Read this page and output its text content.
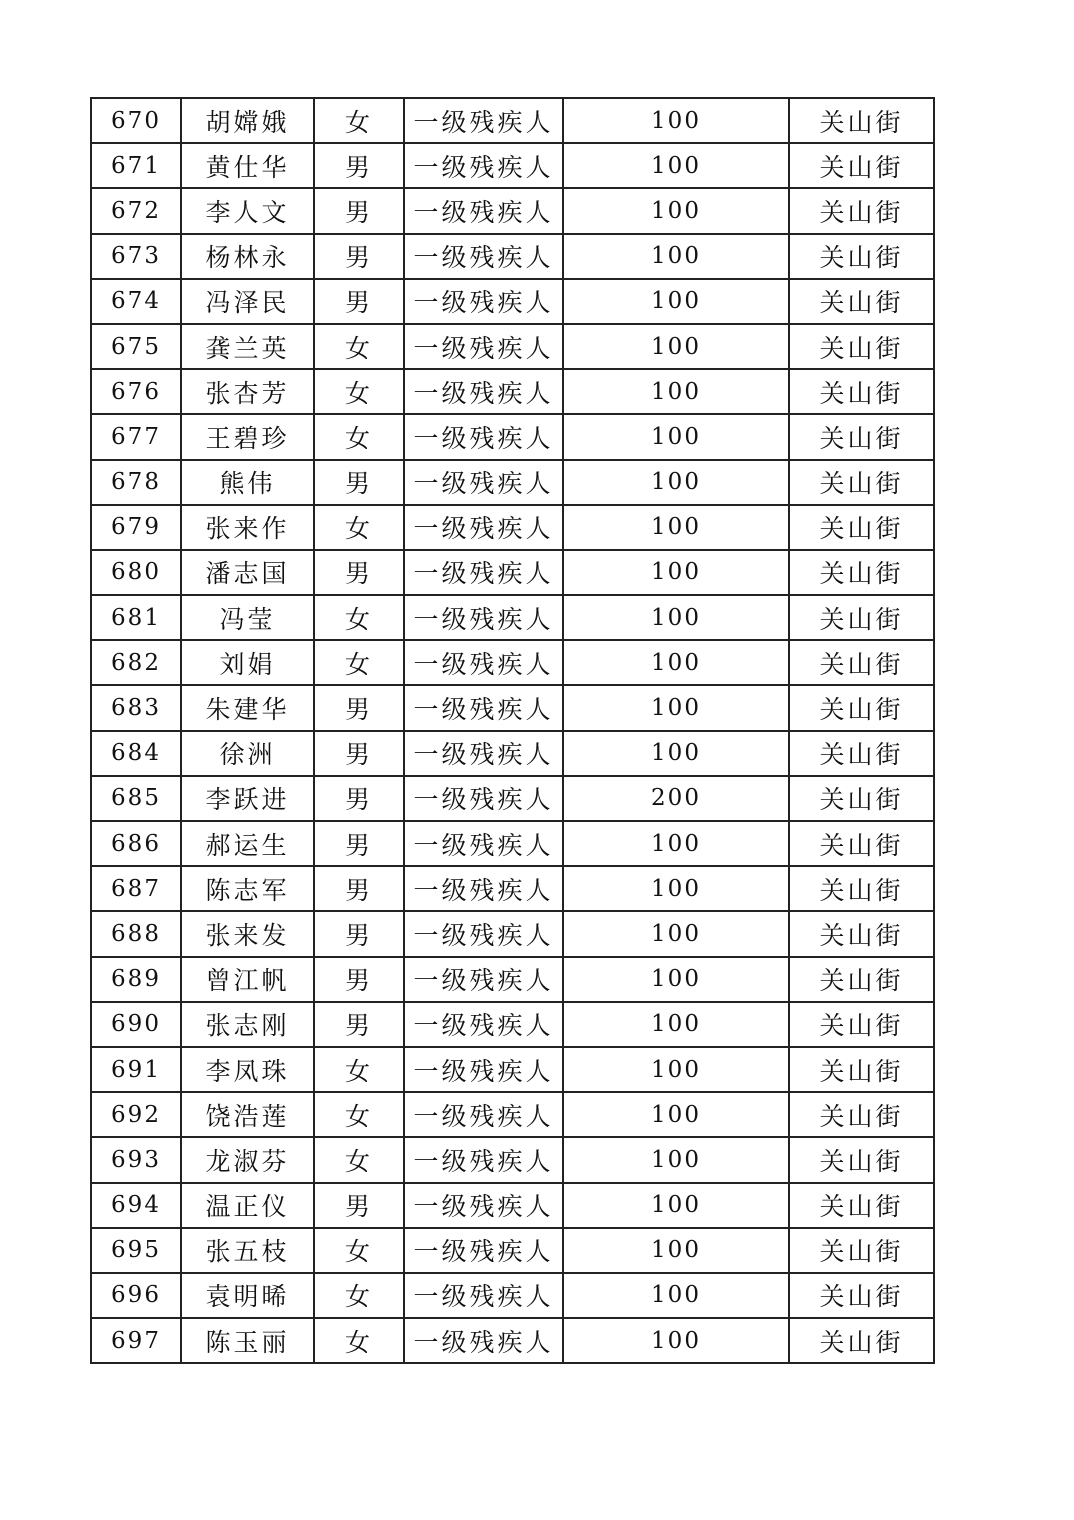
670	胡嫦娥	女	一级残疾人	100	关山街
671	黄仕华	男	一级残疾人	100	关山街
672	李人文	男	一级残疾人	100	关山街
673	杨林永	男	一级残疾人	100	关山街
674	冯泽民	男	一级残疾人	100	关山街
675	龚兰英	女	一级残疾人	100	关山街
676	张杏芳	女	一级残疾人	100	关山街
677	王碧珍	女	一级残疾人	100	关山街
678	熊伟	男	一级残疾人	100	关山街
679	张来作	女	一级残疾人	100	关山街
680	潘志国	男	一级残疾人	100	关山街
681	冯莹	女	一级残疾人	100	关山街
682	刘娟	女	一级残疾人	100	关山街
683	朱建华	男	一级残疾人	100	关山街
684	徐洲	男	一级残疾人	100	关山街
685	李跃进	男	一级残疾人	200	关山街
686	郝运生	男	一级残疾人	100	关山街
687	陈志军	男	一级残疾人	100	关山街
688	张来发	男	一级残疾人	100	关山街
689	曾江帆	男	一级残疾人	100	关山街
690	张志刚	男	一级残疾人	100	关山街
691	李凤珠	女	一级残疾人	100	关山街
692	饶浩莲	女	一级残疾人	100	关山街
693	龙淑芬	女	一级残疾人	100	关山街
694	温正仪	男	一级残疾人	100	关山街
695	张五枝	女	一级残疾人	100	关山街
696	袁明晞	女	一级残疾人	100	关山街
697	陈玉丽	女	一级残疾人	100	关山街
